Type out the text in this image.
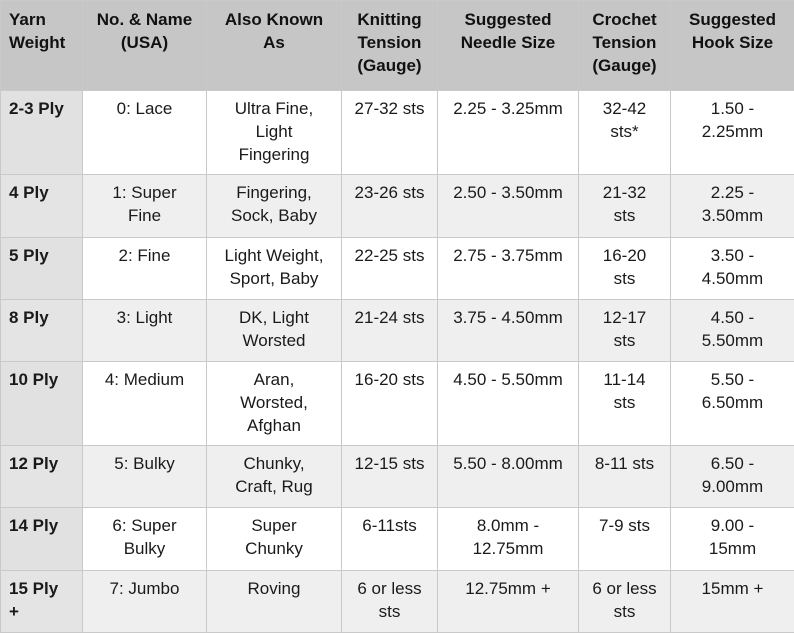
Yarn
Weight	No. & Name
(USA)	Also Known
As	Knitting
Tension
(Gauge)	Suggested
Needle Size	Crochet
Tension
(Gauge)	Suggested
Hook Size

2-3 Ply	0: Lace	Ultra Fine,
Light
Fingering	27-32 sts	2.25 - 3.25mm	32-42
sts*	1.50 -
2.25mm

4 Ply	1: Super
Fine	Fingering,
Sock, Baby	23-26 sts	2.50 - 3.50mm	21-32
sts	2.25 -
3.50mm

5 Ply	2: Fine	Light Weight,
Sport, Baby	22-25 sts	2.75 - 3.75mm	16-20
sts	3.50 -
4.50mm

8 Ply	3: Light	DK, Light
Worsted	21-24 sts	3.75 - 4.50mm	12-17
sts	4.50 -
5.50mm

10 Ply	4: Medium	Aran,
Worsted,
Afghan	16-20 sts	4.50 - 5.50mm	11-14
sts	5.50 -
6.50mm

12 Ply	5: Bulky	Chunky,
Craft, Rug	12-15 sts	5.50 - 8.00mm	8-11 sts	6.50 -
9.00mm

14 Ply	6: Super
Bulky	Super
Chunky	6-11sts	8.0mm -
12.75mm	7-9 sts	9.00 -
15mm

15 Ply
+	7: Jumbo	Roving	6 or less
sts	12.75mm +	6 or less
sts	15mm +
